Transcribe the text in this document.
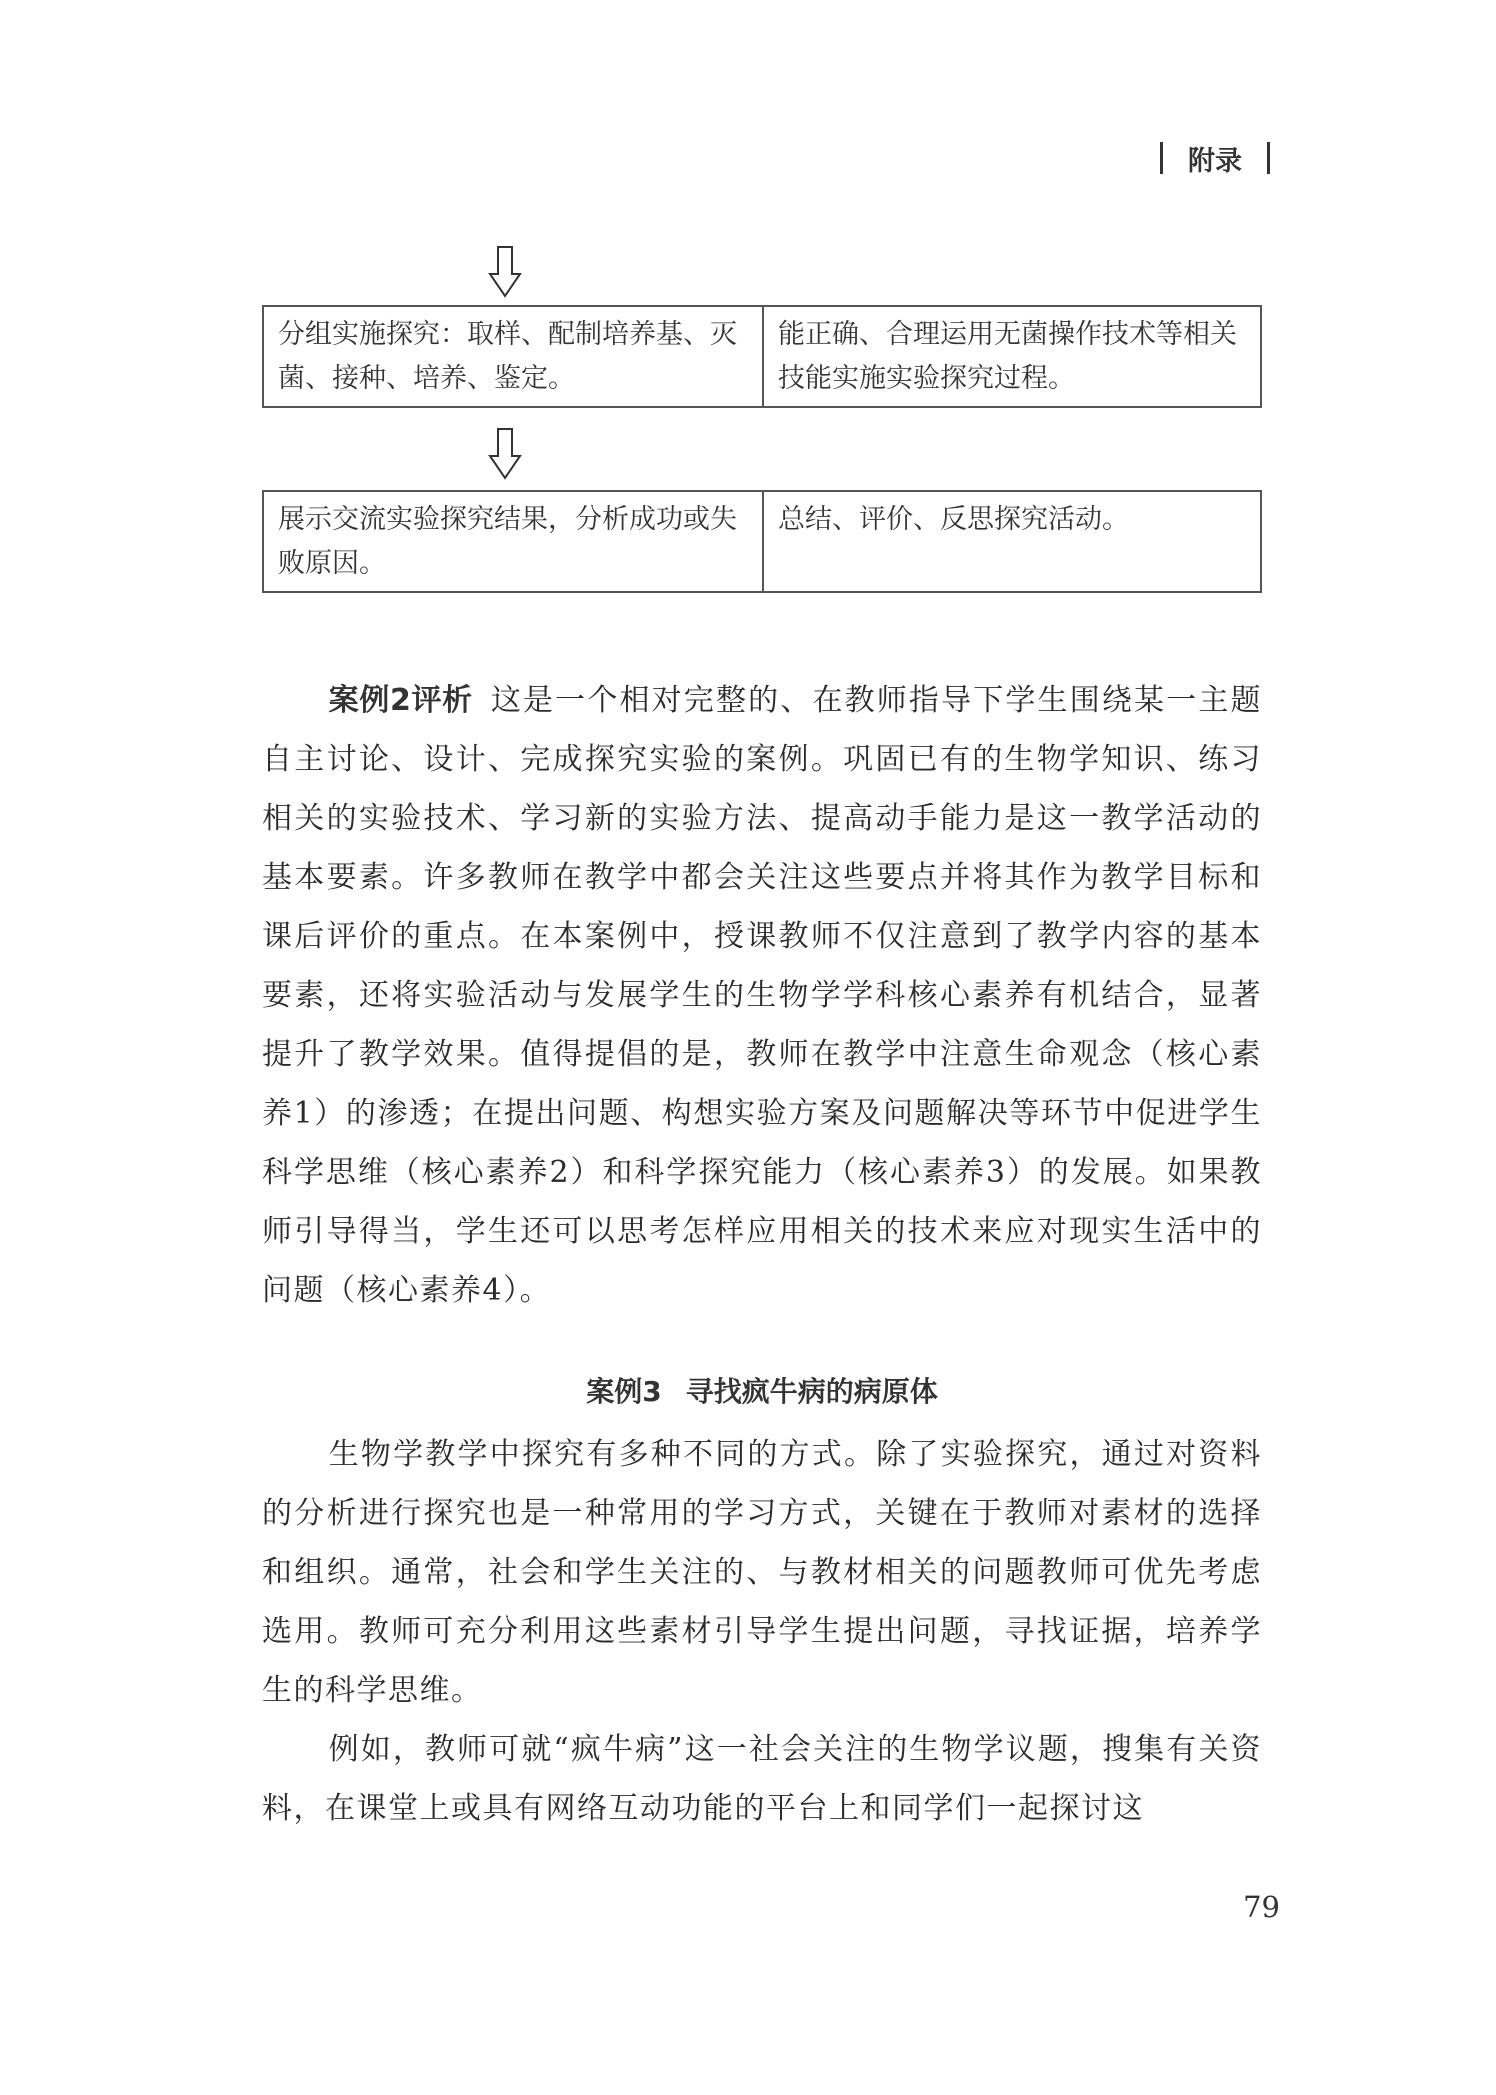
附录
分组实施探究：取样、配制培养基、灭菌、接种、培养、鉴定。
能正确、合理运用无菌操作技术等相关技能实施实验探究过程。
展示交流实验探究结果，分析成功或失败原因。
总结、评价、反思探究活动。
案例2评析 这是一个相对完整的、在教师指导下学生围绕某一主题自主讨论、设计、完成探究实验的案例。巩固已有的生物学知识、练习相关的实验技术、学习新的实验方法、提高动手能力是这一教学活动的基本要素。许多教师在教学中都会关注这些要点并将其作为教学目标和课后评价的重点。在本案例中，授课教师不仅注意到了教学内容的基本要素，还将实验活动与发展学生的生物学学科核心素养有机结合，显著提升了教学效果。值得提倡的是，教师在教学中注意生命观念（核心素养1）的渗透；在提出问题、构想实验方案及问题解决等环节中促进学生科学思维（核心素养2）和科学探究能力（核心素养3）的发展。如果教师引导得当，学生还可以思考怎样应用相关的技术来应对现实生活中的问题（核心素养4）。
案例3 寻找疯牛病的病原体
生物学教学中探究有多种不同的方式。除了实验探究，通过对资料的分析进行探究也是一种常用的学习方式，关键在于教师对素材的选择和组织。通常，社会和学生关注的、与教材相关的问题教师可优先考虑选用。教师可充分利用这些素材引导学生提出问题，寻找证据，培养学生的科学思维。
例如，教师可就“疯牛病”这一社会关注的生物学议题，搜集有关资料，在课堂上或具有网络互动功能的平台上和同学们一起探讨这
79
